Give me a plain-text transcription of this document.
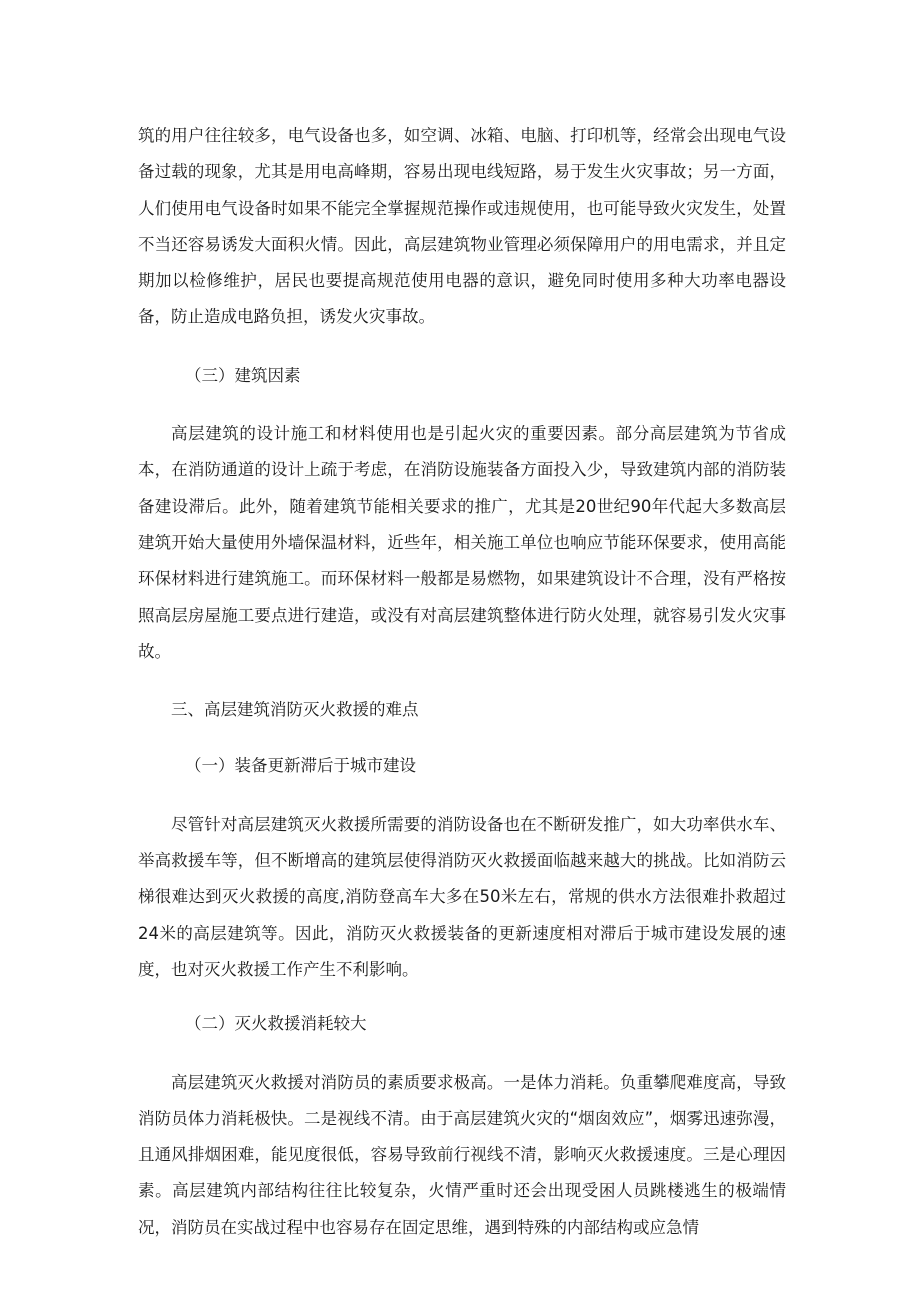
筑的用户往往较多，电气设备也多，如空调、冰箱、电脑、打印机等，经常会出现电气设备过载的现象，尤其是用电高峰期，容易出现电线短路，易于发生火灾事故；另一方面，人们使用电气设备时如果不能完全掌握规范操作或违规使用，也可能导致火灾发生，处置不当还容易诱发大面积火情。因此，高层建筑物业管理必须保障用户的用电需求，并且定期加以检修维护，居民也要提高规范使用电器的意识，避免同时使用多种大功率电器设备，防止造成电路负担，诱发火灾事故。

（三）建筑因素

高层建筑的设计施工和材料使用也是引起火灾的重要因素。部分高层建筑为节省成本，在消防通道的设计上疏于考虑，在消防设施装备方面投入少，导致建筑内部的消防装备建设滞后。此外，随着建筑节能相关要求的推广，尤其是20世纪90年代起大多数高层建筑开始大量使用外墙保温材料，近些年，相关施工单位也响应节能环保要求，使用高能环保材料进行建筑施工。而环保材料一般都是易燃物，如果建筑设计不合理，没有严格按照高层房屋施工要点进行建造，或没有对高层建筑整体进行防火处理，就容易引发火灾事故。

三、高层建筑消防灭火救援的难点

（一）装备更新滞后于城市建设

尽管针对高层建筑灭火救援所需要的消防设备也在不断研发推广，如大功率供水车、举高救援车等，但不断增高的建筑层使得消防灭火救援面临越来越大的挑战。比如消防云梯很难达到灭火救援的高度,消防登高车大多在50米左右，常规的供水方法很难扑救超过24米的高层建筑等。因此，消防灭火救援装备的更新速度相对滞后于城市建设发展的速度，也对灭火救援工作产生不利影响。

（二）灭火救援消耗较大

高层建筑灭火救援对消防员的素质要求极高。一是体力消耗。负重攀爬难度高，导致消防员体力消耗极快。二是视线不清。由于高层建筑火灾的“烟囱效应”，烟雾迅速弥漫，且通风排烟困难，能见度很低，容易导致前行视线不清，影响灭火救援速度。三是心理因素。高层建筑内部结构往往比较复杂，火情严重时还会出现受困人员跳楼逃生的极端情况，消防员在实战过程中也容易存在固定思维，遇到特殊的内部结构或应急情
